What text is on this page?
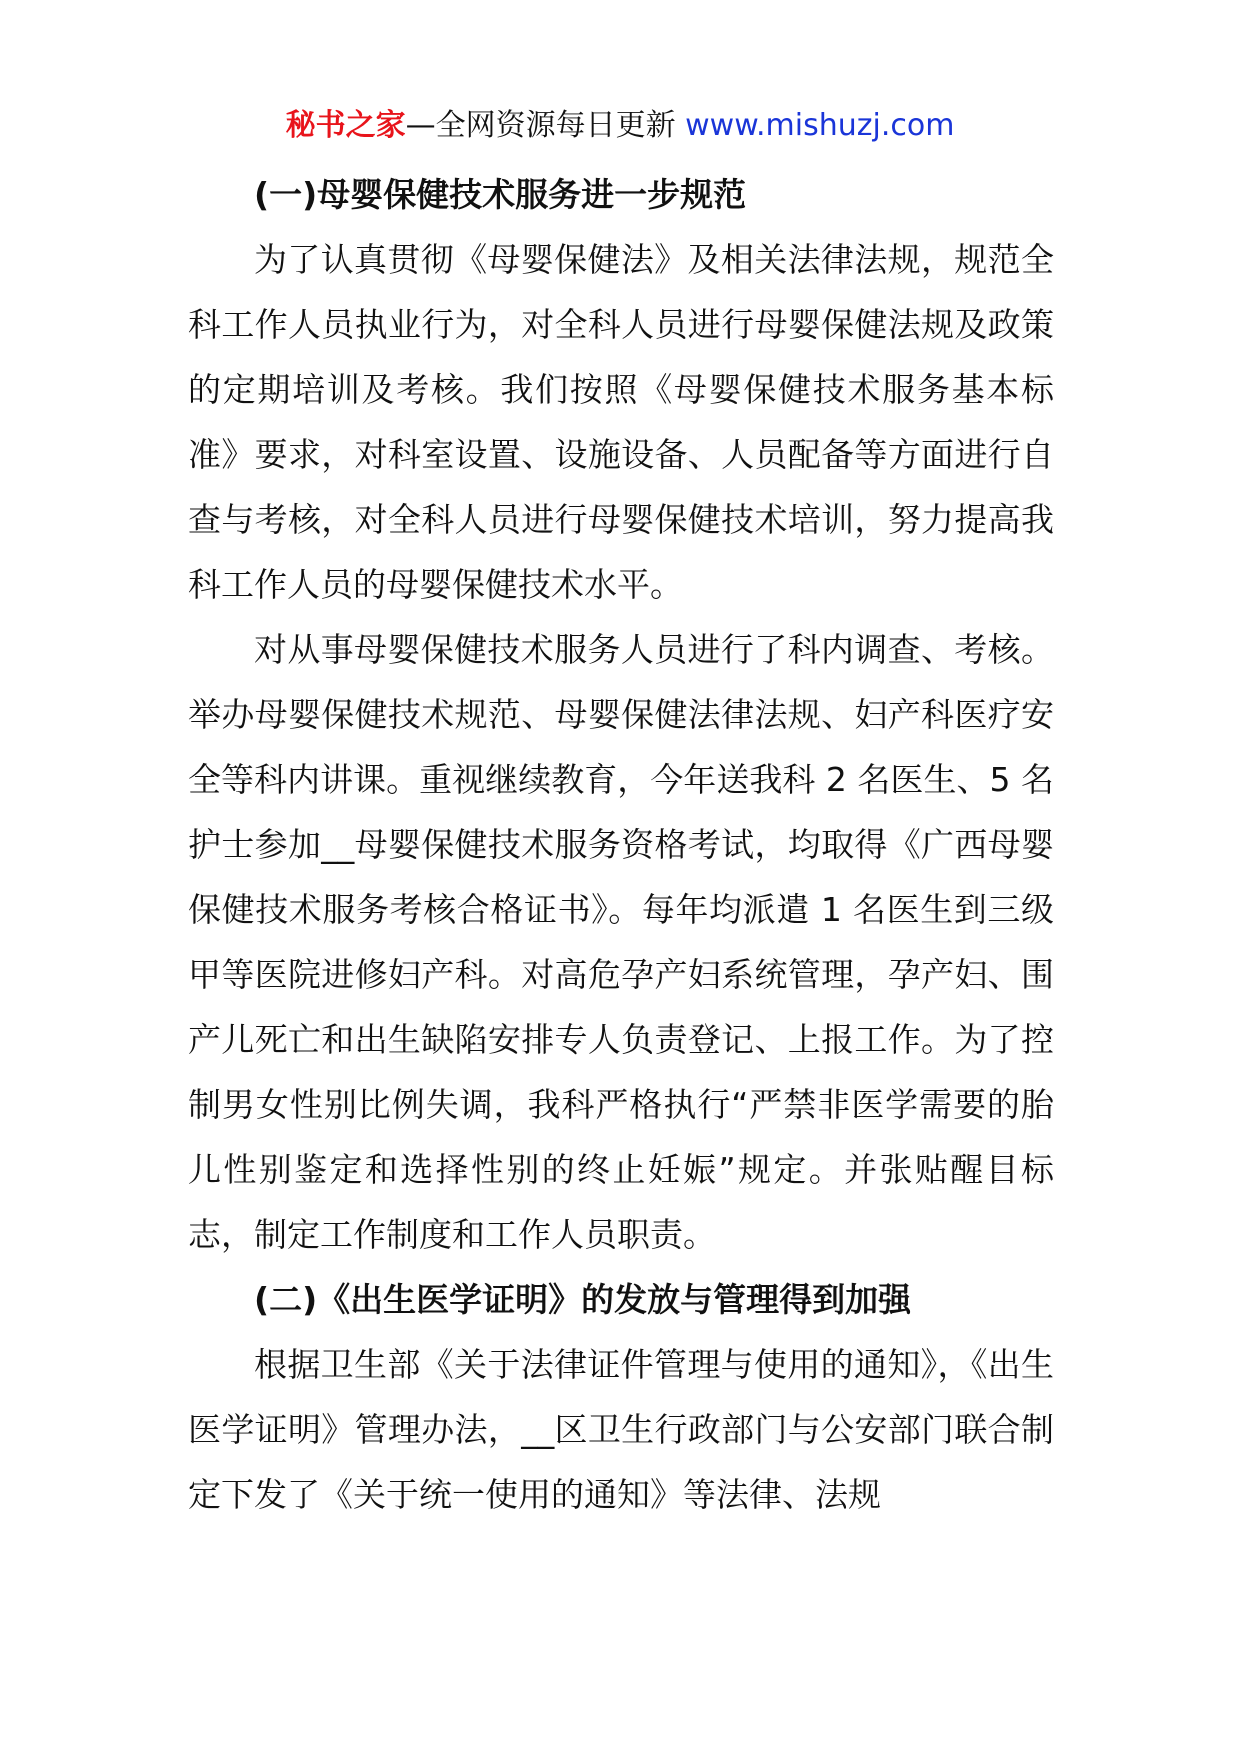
秘书之家—全网资源每日更新 www.mishuzj.com

(一)母婴保健技术服务进一步规范

为了认真贯彻《母婴保健法》及相关法律法规，规范全科工作人员执业行为，对全科人员进行母婴保健法规及政策的定期培训及考核。我们按照《母婴保健技术服务基本标准》要求，对科室设置、设施设备、人员配备等方面进行自查与考核，对全科人员进行母婴保健技术培训，努力提高我科工作人员的母婴保健技术水平。

对从事母婴保健技术服务人员进行了科内调查、考核。举办母婴保健技术规范、母婴保健法律法规、妇产科医疗安全等科内讲课。重视继续教育，今年送我科 2 名医生、5 名护士参加__母婴保健技术服务资格考试，均取得《广西母婴保健技术服务考核合格证书》。每年均派遣 1 名医生到三级甲等医院进修妇产科。对高危孕产妇系统管理，孕产妇、围产儿死亡和出生缺陷安排专人负责登记、上报工作。为了控制男女性别比例失调，我科严格执行“严禁非医学需要的胎儿性别鉴定和选择性别的终止妊娠”规定。并张贴醒目标志，制定工作制度和工作人员职责。

(二)《出生医学证明》的发放与管理得到加强

根据卫生部《关于法律证件管理与使用的通知》，《出生医学证明》管理办法，__区卫生行政部门与公安部门联合制定下发了《关于统一使用的通知》等法律、法规
